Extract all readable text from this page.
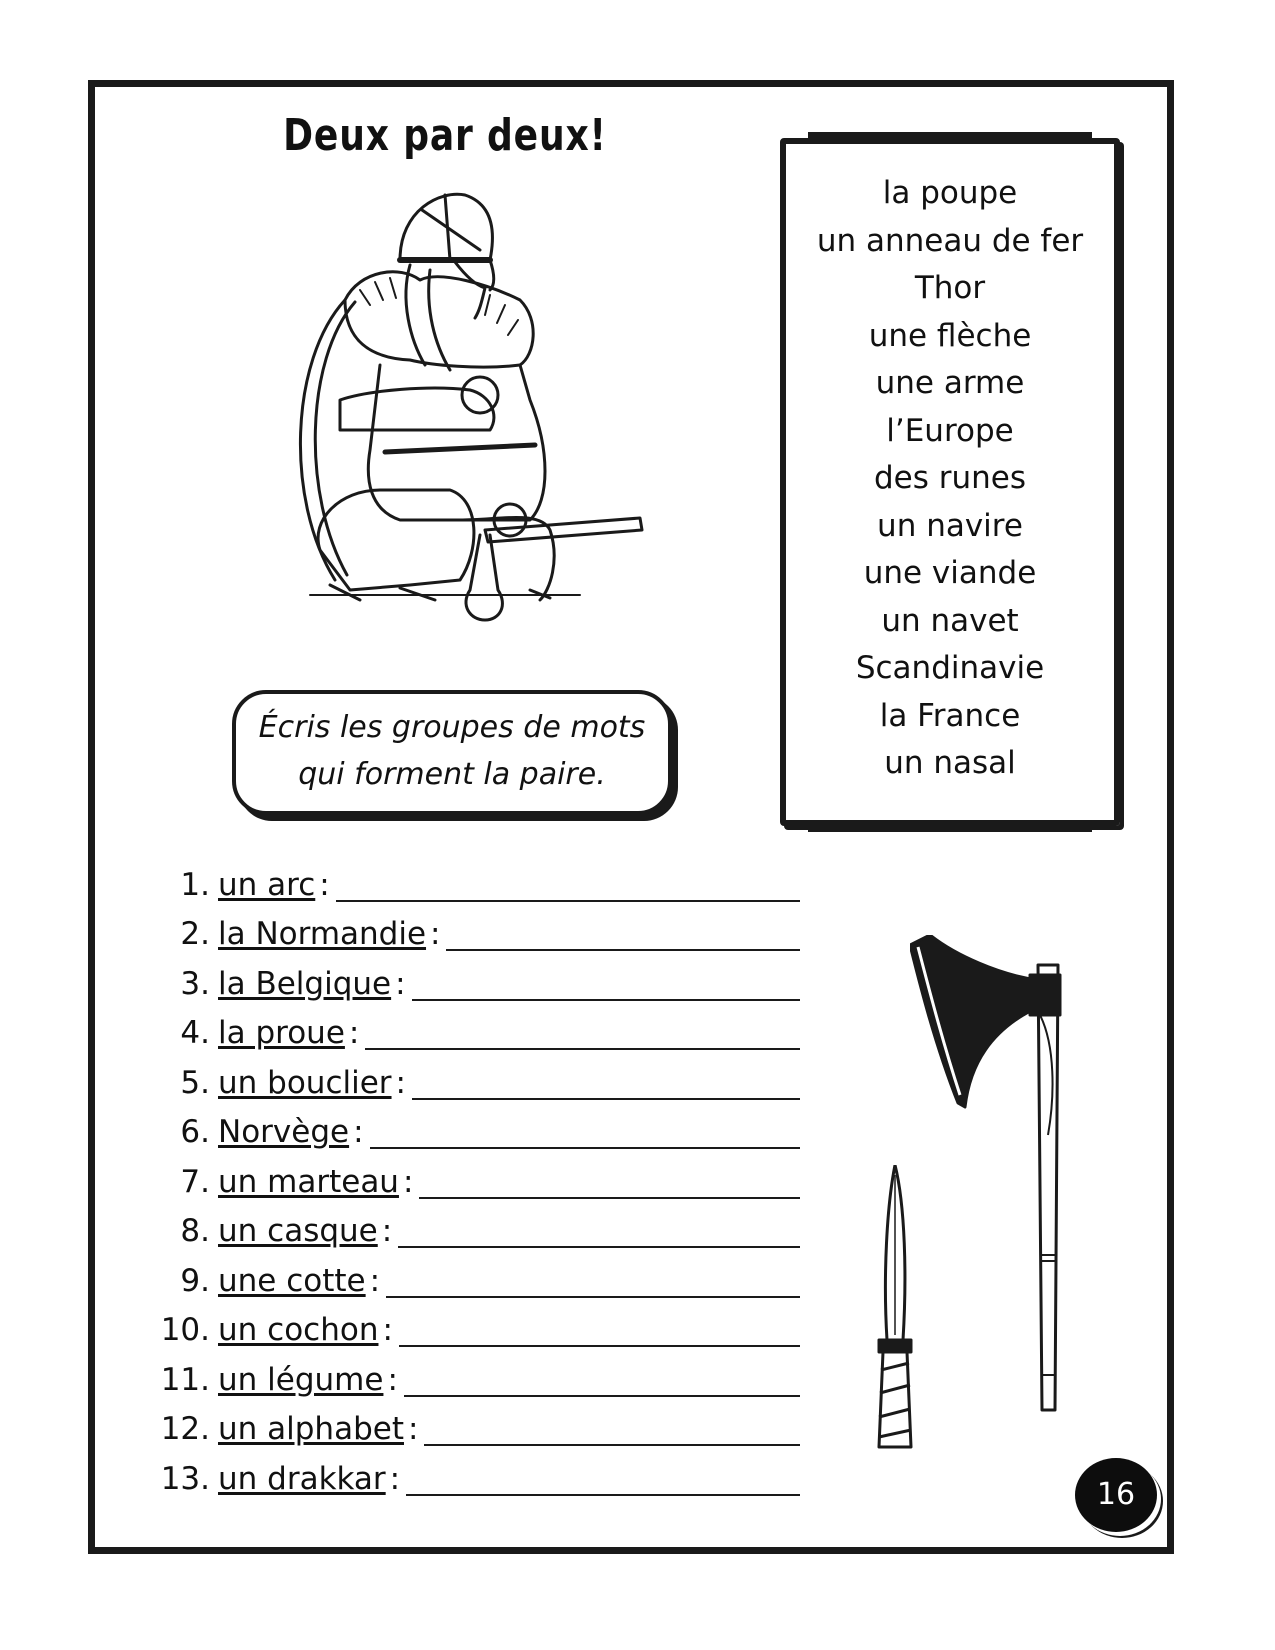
Deux par deux!
la poupe
un anneau de fer
Thor
une flèche
une arme
l’Europe
des runes
un navire
une viande
un navet
Scandinavie
la France
un nasal
Écris les groupes de mots
qui forment la paire.
1. un arc :
2. la Normandie :
3. la Belgique :
4. la proue :
5. un bouclier :
6. Norvège :
7. un marteau :
8. un casque :
9. une cotte :
10. un cochon :
11. un légume :
12. un alphabet :
13. un drakkar :	16
